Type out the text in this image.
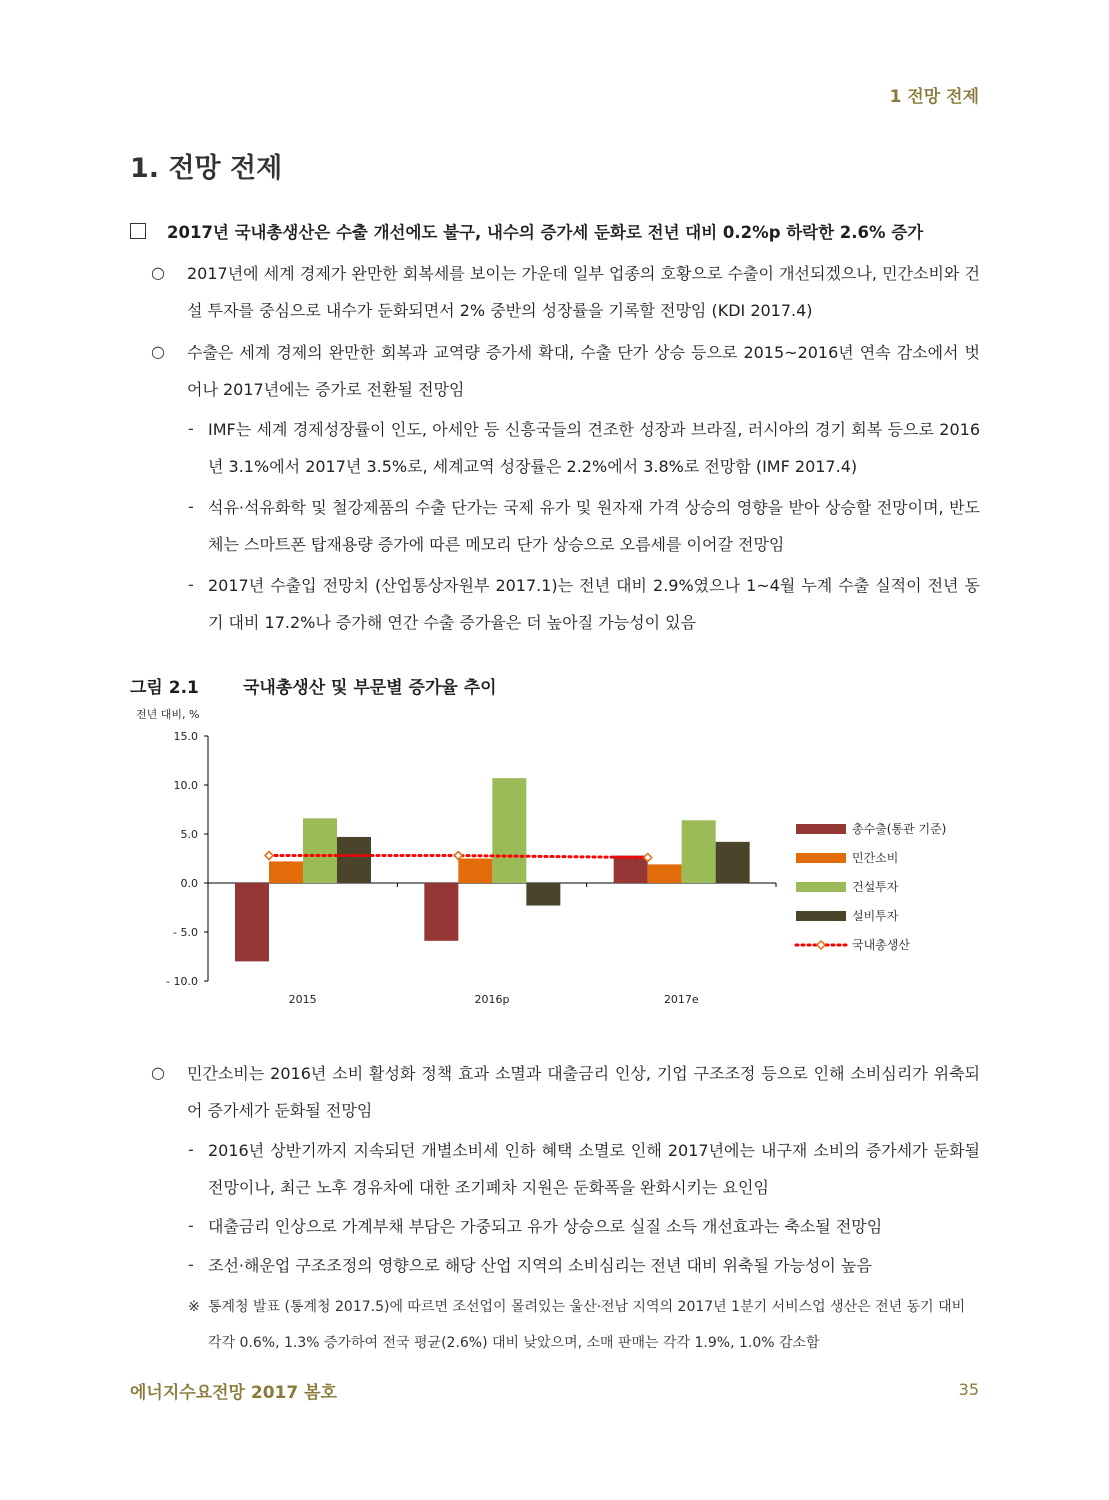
1 전망 전제
1. 전망 전제
2017년 국내총생산은 수출 개선에도 불구, 내수의 증가세 둔화로 전년 대비 0.2%p 하락한 2.6% 증가
○ 2017년에 세계 경제가 완만한 회복세를 보이는 가운데 일부 업종의 호황으로 수출이 개선되겠으나, 민간소비와 건설 투자를 중심으로 내수가 둔화되면서 2% 중반의 성장률을 기록할 전망임 (KDI 2017.4)
○ 수출은 세계 경제의 완만한 회복과 교역량 증가세 확대, 수출 단가 상승 등으로 2015~2016년 연속 감소에서 벗어나 2017년에는 증가로 전환될 전망임
- IMF는 세계 경제성장률이 인도, 아세안 등 신흥국들의 견조한 성장과 브라질, 러시아의 경기 회복 등으로 2016년 3.1%에서 2017년 3.5%로, 세계교역 성장률은 2.2%에서 3.8%로 전망함 (IMF 2017.4)
- 석유·석유화학 및 철강제품의 수출 단가는 국제 유가 및 원자재 가격 상승의 영향을 받아 상승할 전망이며, 반도체는 스마트폰 탑재용량 증가에 따른 메모리 단가 상승으로 오름세를 이어갈 전망임
- 2017년 수출입 전망치 (산업통상자원부 2017.1)는 전년 대비 2.9%였으나 1~4월 누계 수출 실적이 전년 동기 대비 17.2%나 증가해 연간 수출 증가율은 더 높아질 가능성이 있음
그림 2.1	국내총생산 및 부문별 증가율 추이
전년 대비, %
15.0
10.0
5.0
0.0
- 5.0
- 10.0
2015	2016p	2017e
총수출(통관 기준)
민간소비
건설투자
설비투자
국내총생산
○ 민간소비는 2016년 소비 활성화 정책 효과 소멸과 대출금리 인상, 기업 구조조정 등으로 인해 소비심리가 위축되어 증가세가 둔화될 전망임
- 2016년 상반기까지 지속되던 개별소비세 인하 혜택 소멸로 인해 2017년에는 내구재 소비의 증가세가 둔화될 전망이나, 최근 노후 경유차에 대한 조기폐차 지원은 둔화폭을 완화시키는 요인임
- 대출금리 인상으로 가계부채 부담은 가중되고 유가 상승으로 실질 소득 개선효과는 축소될 전망임
- 조선·해운업 구조조정의 영향으로 해당 산업 지역의 소비심리는 전년 대비 위축될 가능성이 높음
※ 통계청 발표 (통계청 2017.5)에 따르면 조선업이 몰려있는 울산·전남 지역의 2017년 1분기 서비스업 생산은 전년 동기 대비 각각 0.6%, 1.3% 증가하여 전국 평균(2.6%) 대비 낮았으며, 소매 판매는 각각 1.9%, 1.0% 감소함
에너지수요전망 2017 봄호	35
